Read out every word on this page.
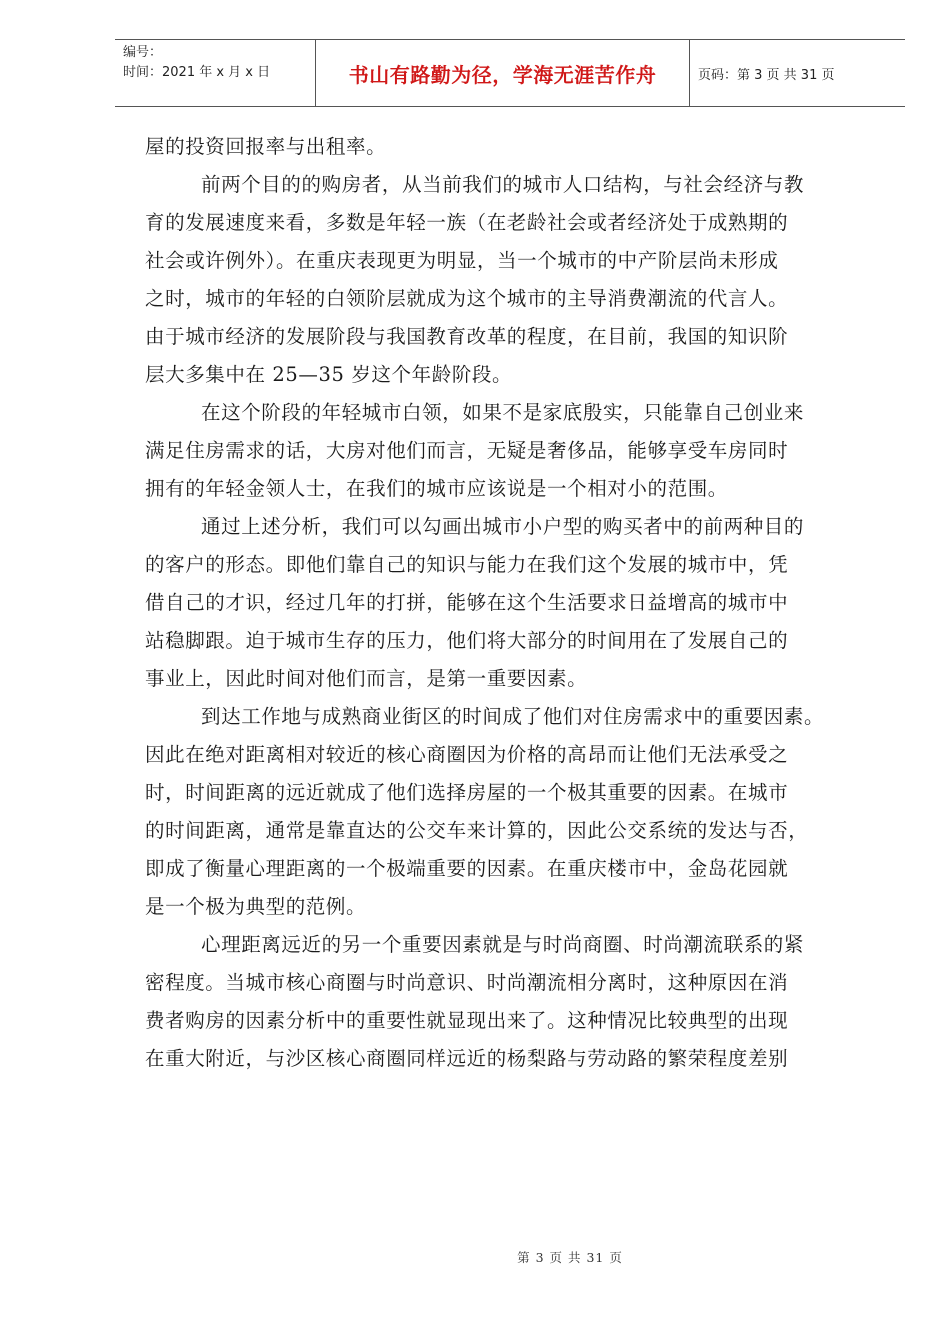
编号：
时间：2021 年 x 月 x 日	书山有路勤为径，学海无涯苦作舟	页码：第 3 页 共 31 页
屋的投资回报率与出租率。
前两个目的的购房者，从当前我们的城市人口结构，与社会经济与教
育的发展速度来看，多数是年轻一族（在老龄社会或者经济处于成熟期的
社会或许例外）。在重庆表现更为明显，当一个城市的中产阶层尚未形成
之时，城市的年轻的白领阶层就成为这个城市的主导消费潮流的代言人。
由于城市经济的发展阶段与我国教育改革的程度，在目前，我国的知识阶
层大多集中在 25—35 岁这个年龄阶段。
在这个阶段的年轻城市白领，如果不是家底殷实，只能靠自己创业来
满足住房需求的话，大房对他们而言，无疑是奢侈品，能够享受车房同时
拥有的年轻金领人士，在我们的城市应该说是一个相对小的范围。
通过上述分析，我们可以勾画出城市小户型的购买者中的前两种目的
的客户的形态。即他们靠自己的知识与能力在我们这个发展的城市中，凭
借自己的才识，经过几年的打拼，能够在这个生活要求日益增高的城市中
站稳脚跟。迫于城市生存的压力，他们将大部分的时间用在了发展自己的
事业上，因此时间对他们而言，是第一重要因素。
到达工作地与成熟商业街区的时间成了他们对住房需求中的重要因素。
因此在绝对距离相对较近的核心商圈因为价格的高昂而让他们无法承受之
时，时间距离的远近就成了他们选择房屋的一个极其重要的因素。在城市
的时间距离，通常是靠直达的公交车来计算的，因此公交系统的发达与否，
即成了衡量心理距离的一个极端重要的因素。在重庆楼市中，金岛花园就
是一个极为典型的范例。
心理距离远近的另一个重要因素就是与时尚商圈、时尚潮流联系的紧
密程度。当城市核心商圈与时尚意识、时尚潮流相分离时，这种原因在消
费者购房的因素分析中的重要性就显现出来了。这种情况比较典型的出现
在重大附近，与沙区核心商圈同样远近的杨梨路与劳动路的繁荣程度差别
第 3 页 共 31 页
